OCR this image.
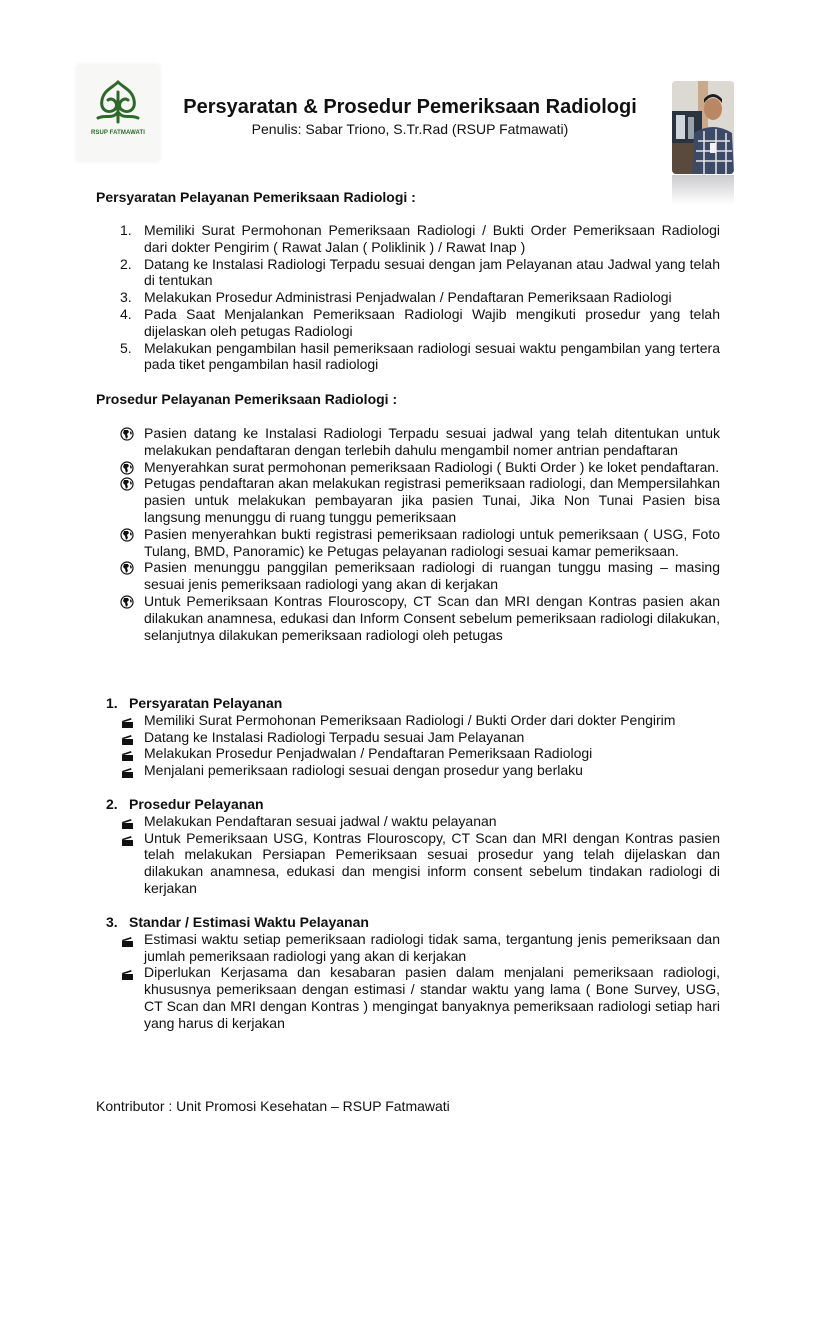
RSUP FATMAWATI
Persyaratan & Prosedur Pemeriksaan Radiologi
Penulis: Sabar Triono, S.Tr.Rad (RSUP Fatmawati)
Persyaratan Pelayanan Pemeriksaan Radiologi :
1. Memiliki Surat Permohonan Pemeriksaan Radiologi / Bukti Order Pemeriksaan Radiologi dari dokter Pengirim ( Rawat Jalan ( Poliklinik ) / Rawat Inap )
2. Datang ke Instalasi Radiologi Terpadu sesuai dengan jam Pelayanan atau Jadwal yang telah di tentukan
3. Melakukan Prosedur Administrasi Penjadwalan / Pendaftaran Pemeriksaan Radiologi
4. Pada Saat Menjalankan Pemeriksaan Radiologi Wajib mengikuti prosedur yang telah dijelaskan oleh petugas Radiologi
5. Melakukan pengambilan hasil pemeriksaan radiologi sesuai waktu pengambilan yang tertera pada tiket pengambilan hasil radiologi
Prosedur Pelayanan Pemeriksaan Radiologi :
Pasien datang ke Instalasi Radiologi Terpadu sesuai jadwal yang telah ditentukan untuk melakukan pendaftaran dengan terlebih dahulu mengambil nomer antrian pendaftaran
Menyerahkan surat permohonan pemeriksaan Radiologi ( Bukti Order ) ke loket pendaftaran.
Petugas pendaftaran akan melakukan registrasi pemeriksaan radiologi, dan Mempersilahkan pasien untuk melakukan pembayaran jika pasien Tunai, Jika Non Tunai Pasien bisa langsung menunggu di ruang tunggu pemeriksaan
Pasien menyerahkan bukti registrasi pemeriksaan radiologi untuk pemeriksaan ( USG, Foto Tulang, BMD, Panoramic) ke Petugas pelayanan radiologi sesuai kamar pemeriksaan.
Pasien menunggu panggilan pemeriksaan radiologi di ruangan tunggu masing – masing sesuai jenis pemeriksaan radiologi yang akan di kerjakan
Untuk Pemeriksaan Kontras Flouroscopy, CT Scan dan MRI dengan Kontras pasien akan dilakukan anamnesa, edukasi dan Inform Consent sebelum pemeriksaan radiologi dilakukan, selanjutnya dilakukan pemeriksaan radiologi oleh petugas
1. Persyaratan Pelayanan
Memiliki Surat Permohonan Pemeriksaan Radiologi / Bukti Order dari dokter Pengirim
Datang ke Instalasi Radiologi Terpadu sesuai Jam Pelayanan
Melakukan Prosedur Penjadwalan / Pendaftaran Pemeriksaan Radiologi
Menjalani pemeriksaan radiologi sesuai dengan prosedur yang berlaku
2. Prosedur Pelayanan
Melakukan Pendaftaran sesuai jadwal / waktu pelayanan
Untuk Pemeriksaan USG, Kontras Flouroscopy, CT Scan dan MRI dengan Kontras pasien telah melakukan Persiapan Pemeriksaan sesuai prosedur yang telah dijelaskan dan dilakukan anamnesa, edukasi dan mengisi inform consent sebelum tindakan radiologi di kerjakan
3. Standar / Estimasi Waktu Pelayanan
Estimasi waktu setiap pemeriksaan radiologi tidak sama, tergantung jenis pemeriksaan dan jumlah pemeriksaan radiologi yang akan di kerjakan
Diperlukan Kerjasama dan kesabaran pasien dalam menjalani pemeriksaan radiologi, khususnya pemeriksaan dengan estimasi / standar waktu yang lama ( Bone Survey, USG, CT Scan dan MRI dengan Kontras ) mengingat banyaknya pemeriksaan radiologi setiap hari yang harus di kerjakan
Kontributor : Unit Promosi Kesehatan – RSUP Fatmawati
